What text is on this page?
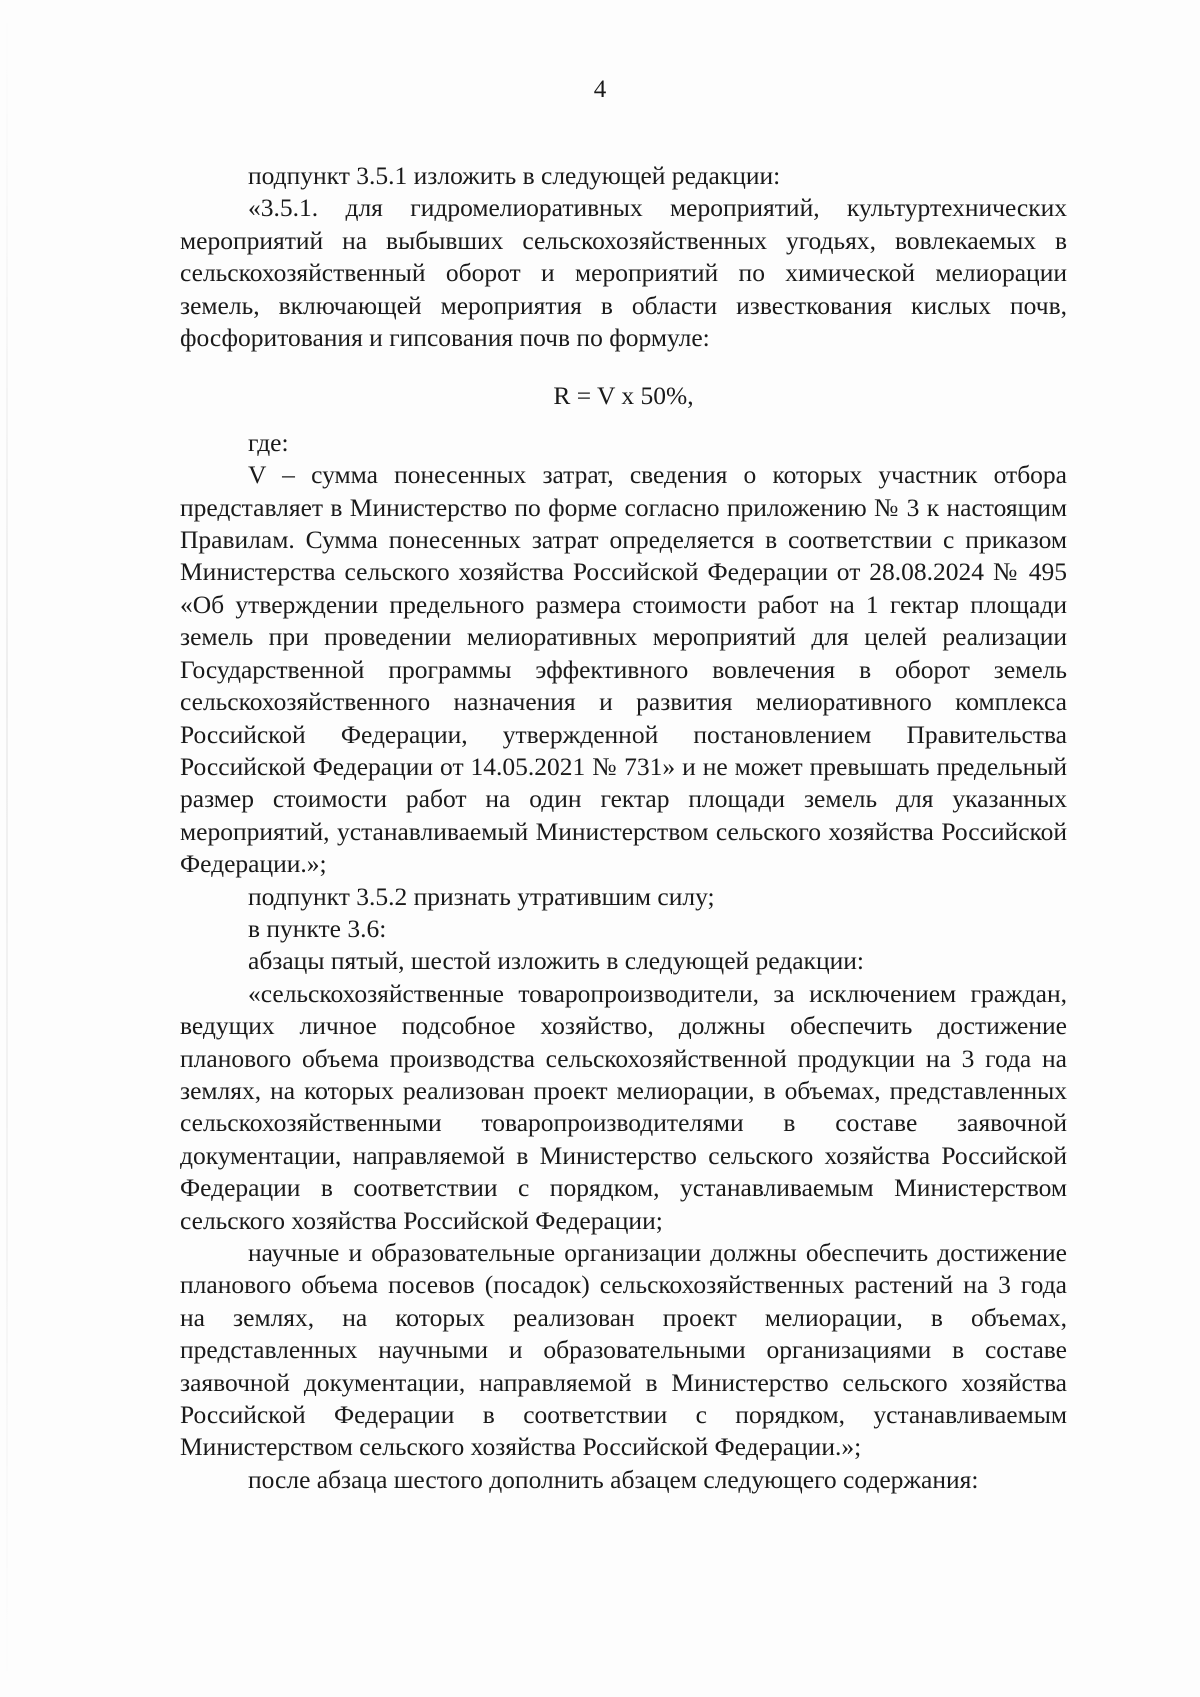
4

подпункт 3.5.1 изложить в следующей редакции:

«3.5.1. для гидромелиоративных мероприятий, культуртехнических мероприятий на выбывших сельскохозяйственных угодьях, вовлекаемых в сельскохозяйственный оборот и мероприятий по химической мелиорации земель, включающей мероприятия в области известкования кислых почв, фосфоритования и гипсования почв по формуле:

R = V x 50%,

где:

V – сумма понесенных затрат, сведения о которых участник отбора представляет в Министерство по форме согласно приложению № 3 к настоящим Правилам. Сумма понесенных затрат определяется в соответствии с приказом Министерства сельского хозяйства Российской Федерации от 28.08.2024 № 495 «Об утверждении предельного размера стоимости работ на 1 гектар площади земель при проведении мелиоративных мероприятий для целей реализации Государственной программы эффективного вовлечения в оборот земель сельскохозяйственного назначения и развития мелиоративного комплекса Российской Федерации, утвержденной постановлением Правительства Российской Федерации от 14.05.2021 № 731» и не может превышать предельный размер стоимости работ на один гектар площади земель для указанных мероприятий, устанавливаемый Министерством сельского хозяйства Российской Федерации.»;

подпункт 3.5.2 признать утратившим силу;

в пункте 3.6:

абзацы пятый, шестой изложить в следующей редакции:

«сельскохозяйственные товаропроизводители, за исключением граждан, ведущих личное подсобное хозяйство, должны обеспечить достижение планового объема производства сельскохозяйственной продукции на 3 года на землях, на которых реализован проект мелиорации, в объемах, представленных сельскохозяйственными товаропроизводителями в составе заявочной документации, направляемой в Министерство сельского хозяйства Российской Федерации в соответствии с порядком, устанавливаемым Министерством сельского хозяйства Российской Федерации;

научные и образовательные организации должны обеспечить достижение планового объема посевов (посадок) сельскохозяйственных растений на 3 года на землях, на которых реализован проект мелиорации, в объемах, представленных научными и образовательными организациями в составе заявочной документации, направляемой в Министерство сельского хозяйства Российской Федерации в соответствии с порядком, устанавливаемым Министерством сельского хозяйства Российской Федерации.»;

после абзаца шестого дополнить абзацем следующего содержания:
